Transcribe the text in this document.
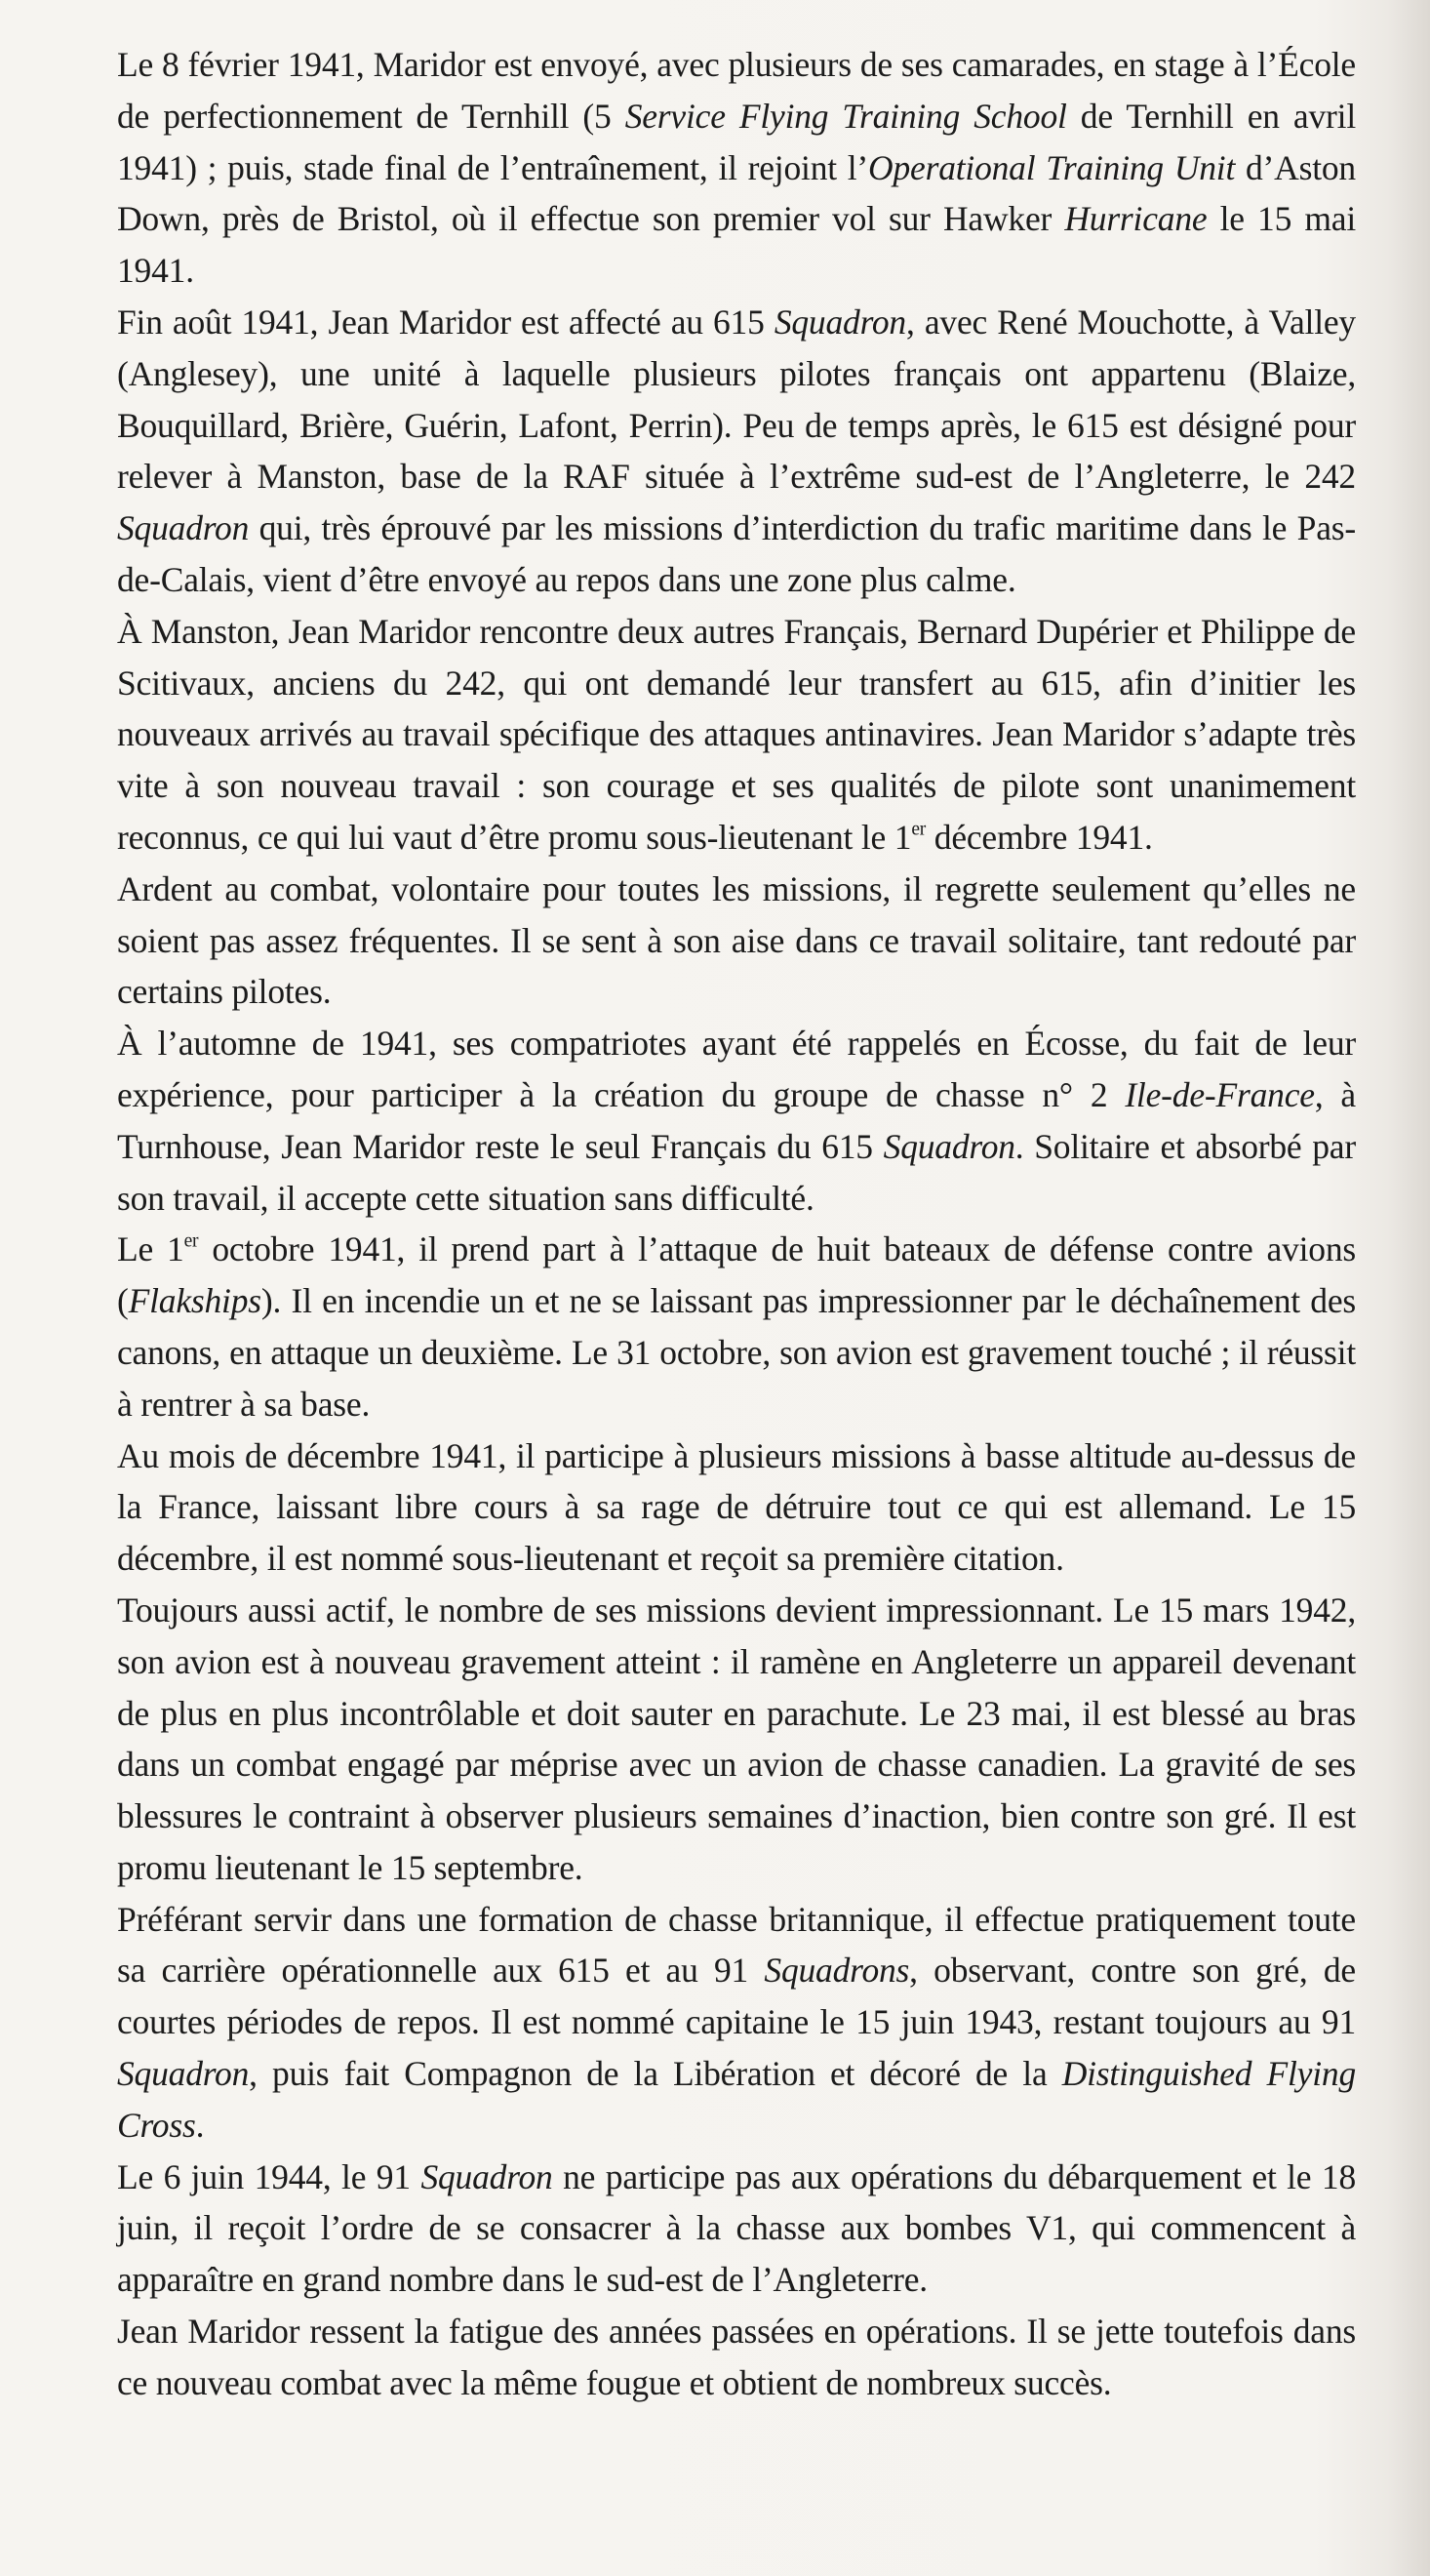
Le 8 février 1941, Maridor est envoyé, avec plusieurs de ses camarades, en stage à l’École de perfectionnement de Ternhill (5 Service Flying Training School de Ternhill en avril 1941) ; puis, stade final de l’entraînement, il rejoint l’Operational Training Unit d’Aston Down, près de Bristol, où il effectue son premier vol sur Hawker Hurricane le 15 mai 1941.

Fin août 1941, Jean Maridor est affecté au 615 Squadron, avec René Mouchotte, à Valley (Anglesey), une unité à laquelle plusieurs pilotes français ont appartenu (Blaize, Bouquillard, Brière, Guérin, Lafont, Perrin). Peu de temps après, le 615 est désigné pour relever à Manston, base de la RAF située à l’extrême sud-est de l’Angleterre, le 242 Squadron qui, très éprouvé par les missions d’interdiction du trafic maritime dans le Pas-de-Calais, vient d’être envoyé au repos dans une zone plus calme.

À Manston, Jean Maridor rencontre deux autres Français, Bernard Dupérier et Philippe de Scitivaux, anciens du 242, qui ont demandé leur transfert au 615, afin d’initier les nouveaux arrivés au travail spécifique des attaques antinavires. Jean Maridor s’adapte très vite à son nouveau travail : son courage et ses qualités de pilote sont unanimement reconnus, ce qui lui vaut d’être promu sous-lieutenant le 1er décembre 1941.

Ardent au combat, volontaire pour toutes les missions, il regrette seulement qu’elles ne soient pas assez fréquentes. Il se sent à son aise dans ce travail solitaire, tant redouté par certains pilotes.

À l’automne de 1941, ses compatriotes ayant été rappelés en Écosse, du fait de leur expérience, pour participer à la création du groupe de chasse n° 2 Ile-de-France, à Turnhouse, Jean Maridor reste le seul Français du 615 Squadron. Solitaire et absorbé par son travail, il accepte cette situation sans difficulté.

Le 1er octobre 1941, il prend part à l’attaque de huit bateaux de défense contre avions (Flakships). Il en incendie un et ne se laissant pas impressionner par le déchaînement des canons, en attaque un deuxième. Le 31 octobre, son avion est gravement touché ; il réussit à rentrer à sa base.

Au mois de décembre 1941, il participe à plusieurs missions à basse altitude au-dessus de la France, laissant libre cours à sa rage de détruire tout ce qui est allemand. Le 15 décembre, il est nommé sous-lieutenant et reçoit sa première citation.

Toujours aussi actif, le nombre de ses missions devient impressionnant. Le 15 mars 1942, son avion est à nouveau gravement atteint : il ramène en Angleterre un appareil devenant de plus en plus incontrôlable et doit sauter en parachute. Le 23 mai, il est blessé au bras dans un combat engagé par méprise avec un avion de chasse canadien. La gravité de ses blessures le contraint à observer plusieurs semaines d’inaction, bien contre son gré. Il est promu lieutenant le 15 septembre.

Préférant servir dans une formation de chasse britannique, il effectue pratiquement toute sa carrière opérationnelle aux 615 et au 91 Squadrons, observant, contre son gré, de courtes périodes de repos. Il est nommé capitaine le 15 juin 1943, restant toujours au 91 Squadron, puis fait Compagnon de la Libération et décoré de la Distinguished Flying Cross.

Le 6 juin 1944, le 91 Squadron ne participe pas aux opérations du débarquement et le 18 juin, il reçoit l’ordre de se consacrer à la chasse aux bombes V1, qui commencent à apparaître en grand nombre dans le sud-est de l’Angleterre.

Jean Maridor ressent la fatigue des années passées en opérations. Il se jette toutefois dans ce nouveau combat avec la même fougue et obtient de nombreux succès.
